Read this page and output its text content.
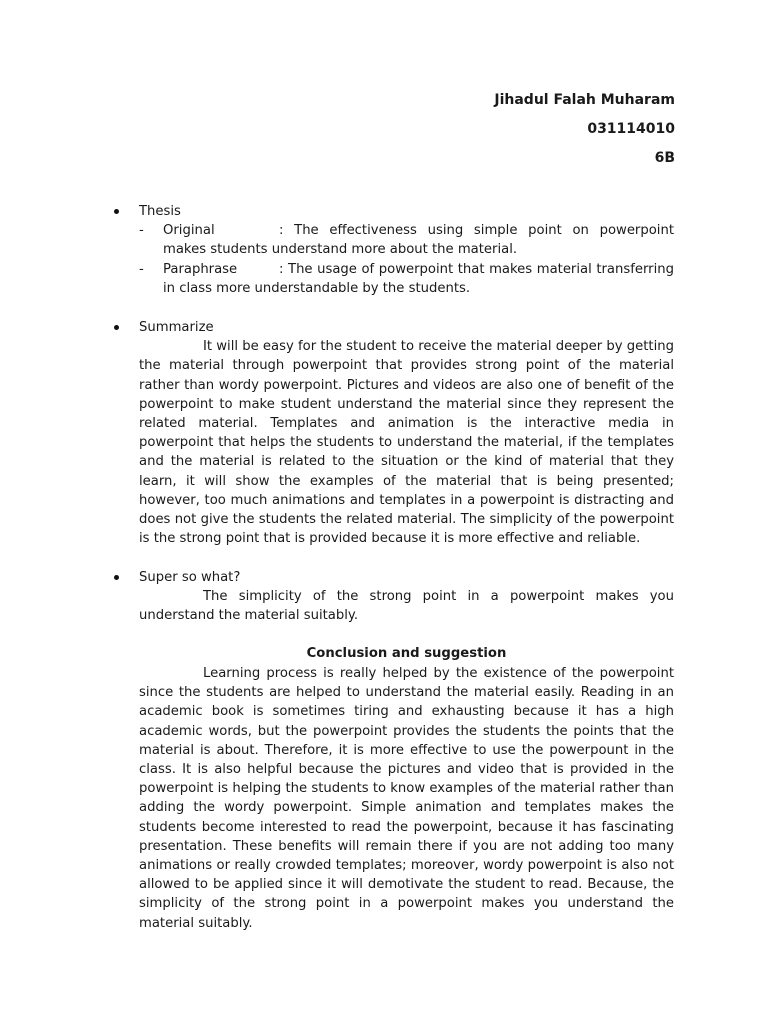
Jihadul Falah Muharam
031114010
6B
Thesis
- Original	: The effectiveness using simple point on powerpoint makes students understand more about the material.
- Paraphrase	: The usage of powerpoint that makes material transferring in class more understandable by the students.
Summarize

It will be easy for the student to receive the material deeper by getting the material through powerpoint that provides strong point of the material rather than wordy powerpoint. Pictures and videos are also one of benefit of the powerpoint to make student understand the material since they represent the related material. Templates and animation is the interactive media in powerpoint that helps the students to understand the material, if the templates and the material is related to the situation or the kind of material that they learn, it will show the examples of the material that is being presented; however, too much animations and templates in a powerpoint is distracting and does not give the students the related material. The simplicity of the powerpoint is the strong point that is provided because it is more effective and reliable.

Super so what?

The simplicity of the strong point in a powerpoint makes you understand the material suitably.

Conclusion and suggestion

Learning process is really helped by the existence of the powerpoint since the students are helped to understand the material easily. Reading in an academic book is sometimes tiring and exhausting because it has a high academic words, but the powerpoint provides the students the points that the material is about. Therefore, it is more effective to use the powerpount in the class. It is also helpful because the pictures and video that is provided in the powerpoint is helping the students to know examples of the material rather than adding the wordy powerpoint. Simple animation and templates makes the students become interested to read the powerpoint, because it has fascinating presentation. These benefits will remain there if you are not adding too many animations or really crowded templates; moreover, wordy powerpoint is also not allowed to be applied since it will demotivate the student to read. Because, the simplicity of the strong point in a powerpoint makes you understand the material suitably.
